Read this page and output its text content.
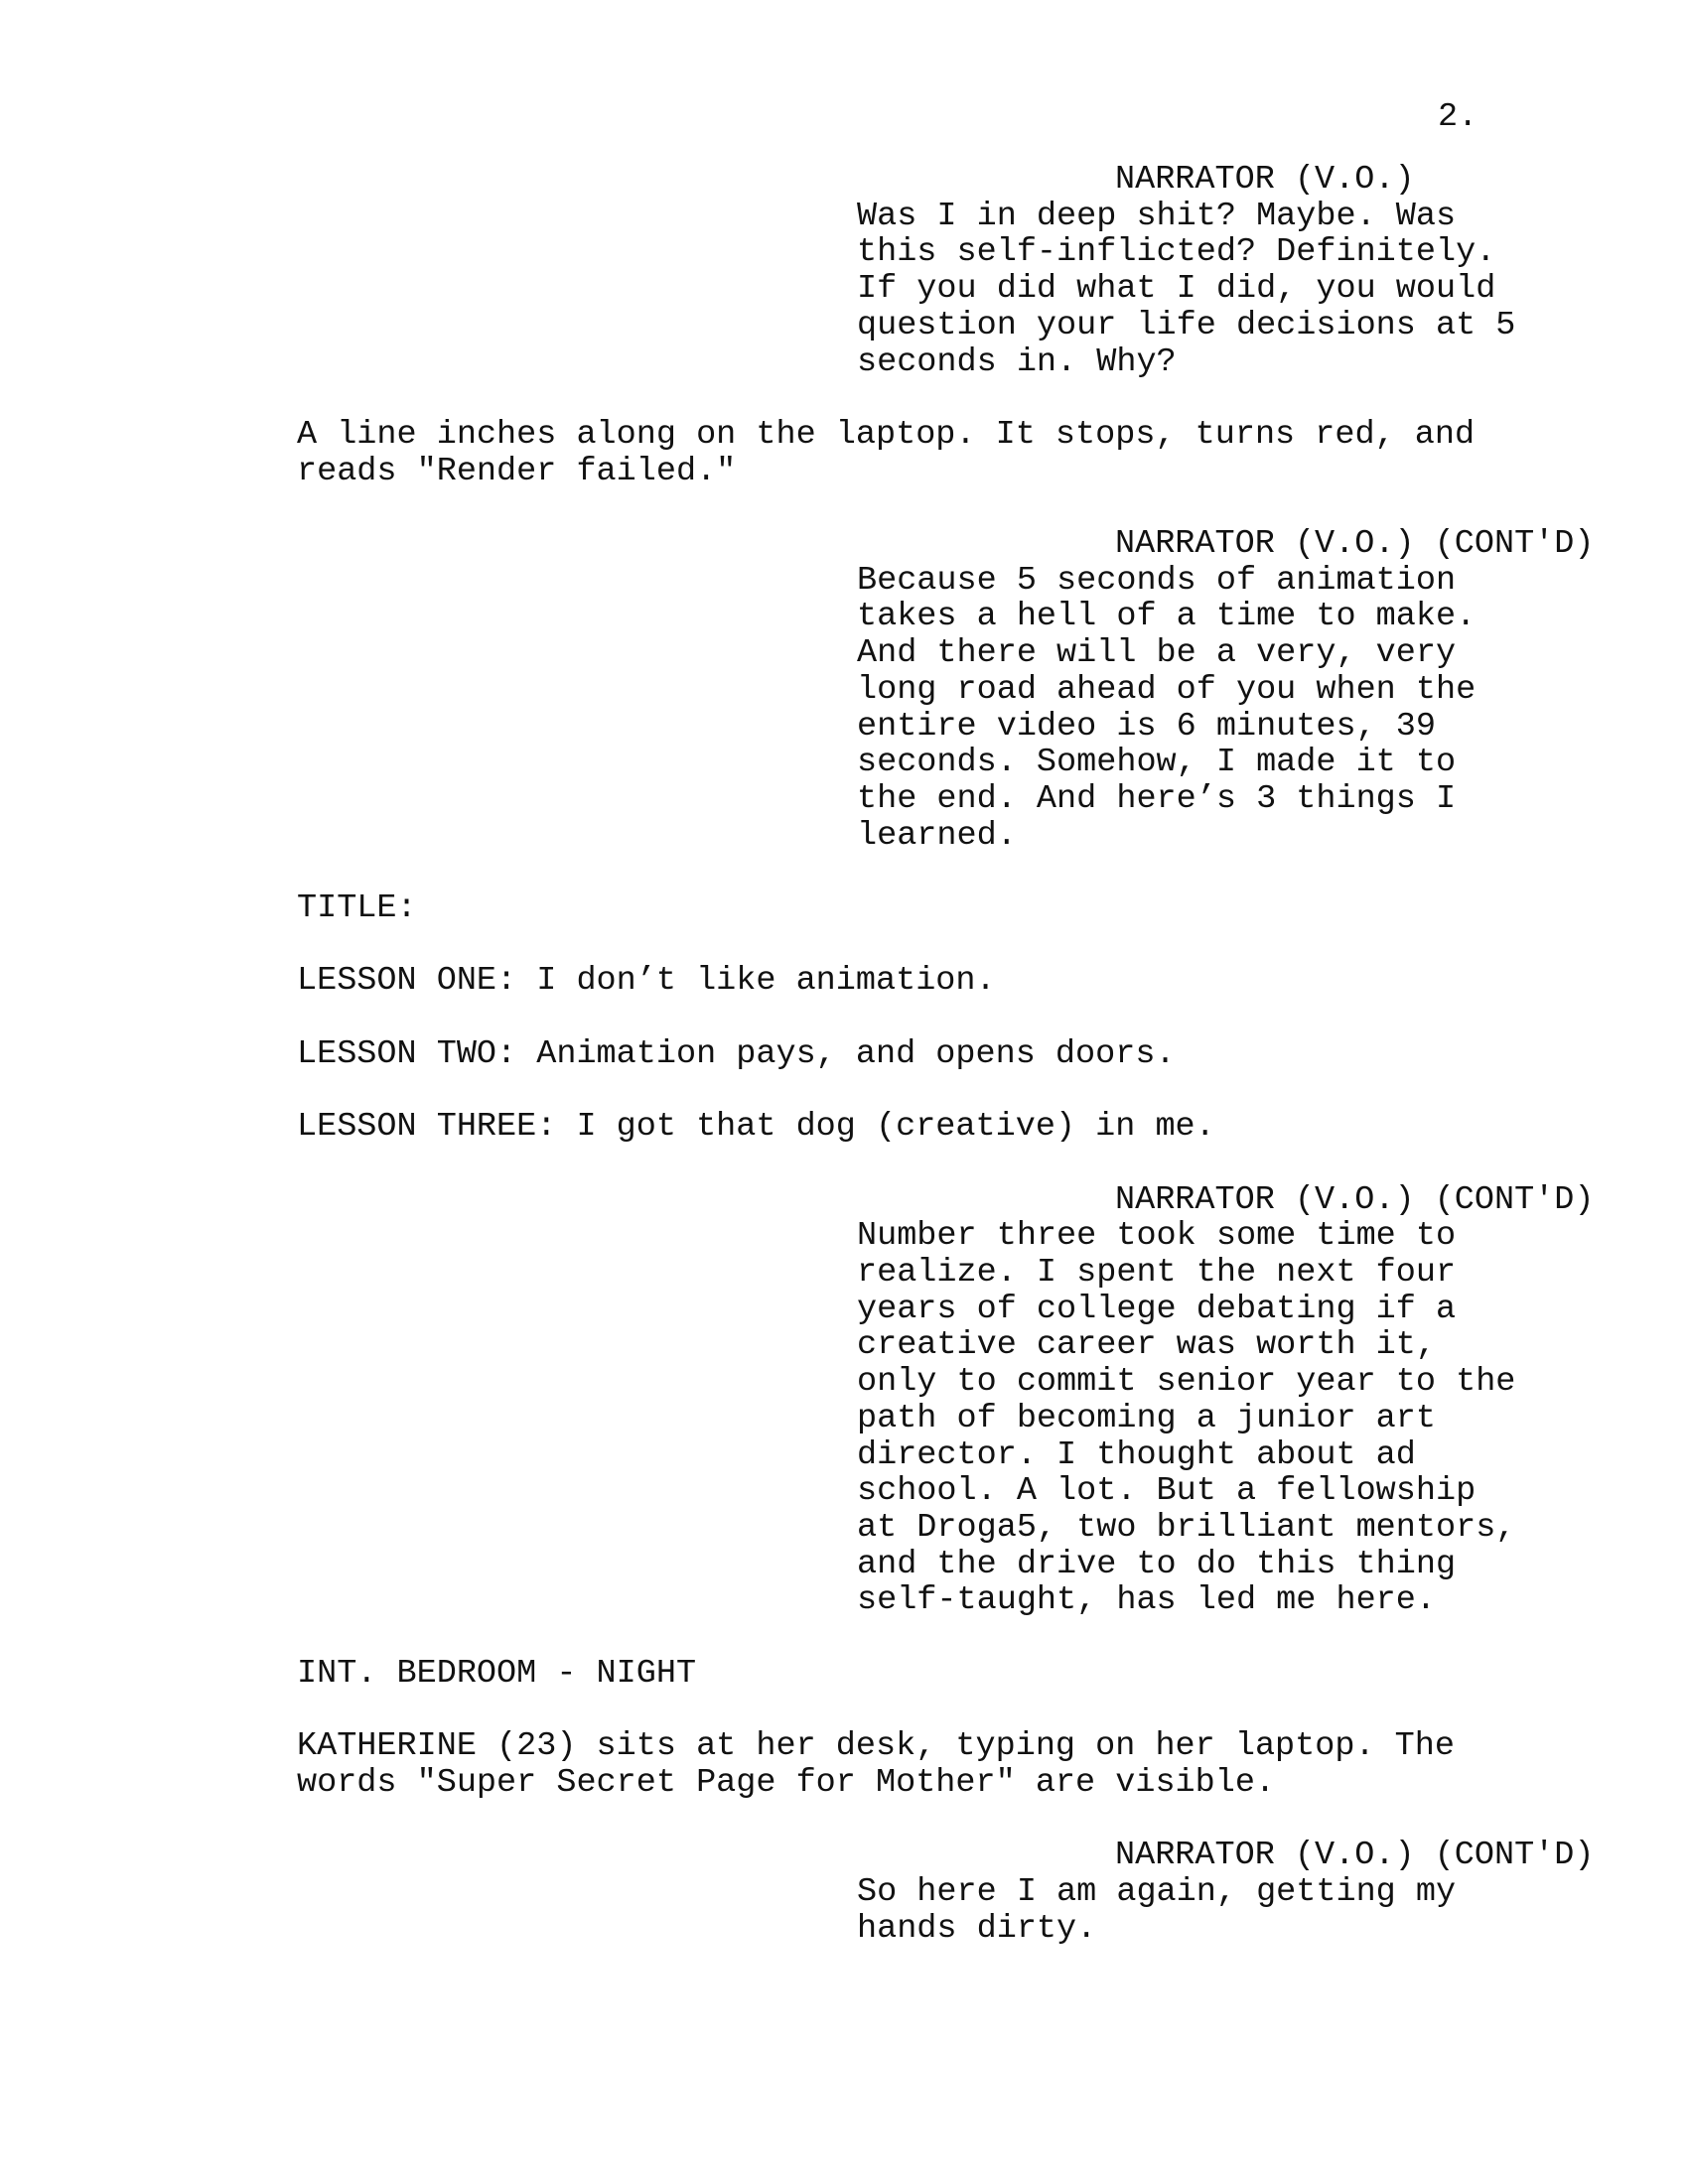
2.
NARRATOR (V.O.)
Was I in deep shit? Maybe. Was
this self-inflicted? Definitely.
If you did what I did, you would
question your life decisions at 5
seconds in. Why?
A line inches along on the laptop. It stops, turns red, and
reads "Render failed."
NARRATOR (V.O.) (CONT'D)
Because 5 seconds of animation
takes a hell of a time to make.
And there will be a very, very
long road ahead of you when the
entire video is 6 minutes, 39
seconds. Somehow, I made it to
the end. And here’s 3 things I
learned.
TITLE:
LESSON ONE: I don’t like animation.
LESSON TWO: Animation pays, and opens doors.
LESSON THREE: I got that dog (creative) in me.
NARRATOR (V.O.) (CONT'D)
Number three took some time to
realize. I spent the next four
years of college debating if a
creative career was worth it,
only to commit senior year to the
path of becoming a junior art
director. I thought about ad
school. A lot. But a fellowship
at Droga5, two brilliant mentors,
and the drive to do this thing
self-taught, has led me here.
INT. BEDROOM - NIGHT
KATHERINE (23) sits at her desk, typing on her laptop. The
words "Super Secret Page for Mother" are visible.
NARRATOR (V.O.) (CONT'D)
So here I am again, getting my
hands dirty.
